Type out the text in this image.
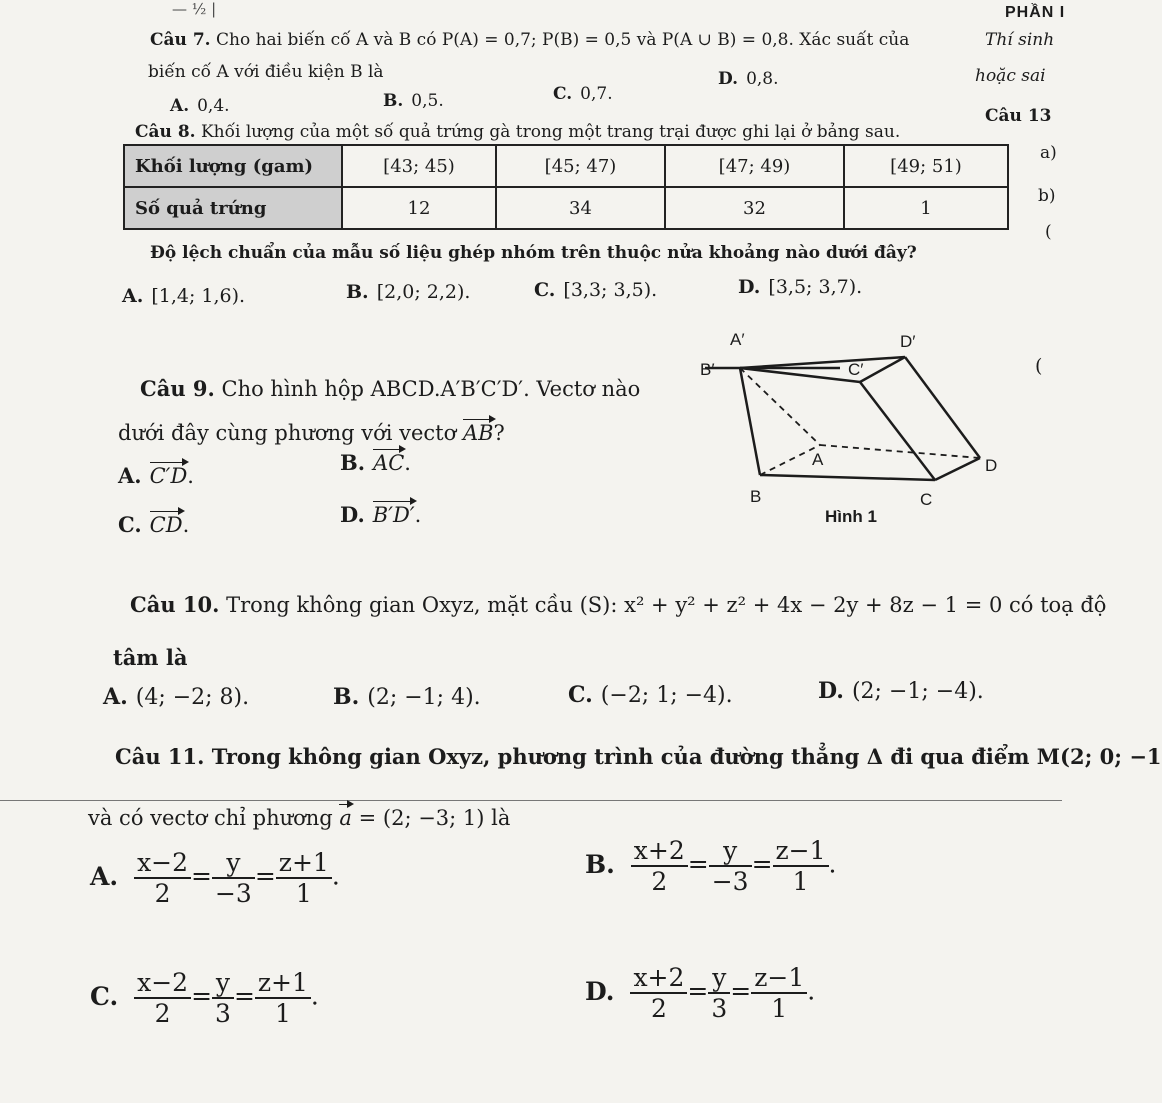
PHẦN I
— ½ |
Thí sinh
hoặc sai
Câu 13
a)
b)
(
(
Câu 7. Cho hai biến cố A và B có P(A) = 0,7; P(B) = 0,5 và P(A ∪ B) = 0,8. Xác suất của
biến cố A với điều kiện B là
A. 0,4.	B. 0,5.	C. 0,7.
D. 0,8.
Câu 8. Khối lượng của một số quả trứng gà trong một trang trại được ghi lại ở bảng sau.
Khối lượng (gam)	[43; 45)	[45; 47)	[47; 49)	[49; 51)
Số quả trứng	12	34	32	1
Độ lệch chuẩn của mẫu số liệu ghép nhóm trên thuộc nửa khoảng nào dưới đây?
A. [1,4; 1,6).	B. [2,0; 2,2).	C. [3,3; 3,5).	D. [3,5; 3,7).
Câu 9. Cho hình hộp ABCD.A′B′C′D′. Vectơ nào
dưới đây cùng phương với vectơ AB?
A. C′D.
B. AC.
C. CD.	D. B′D′.
A′	D′
B′	C′
A	D
B	C
Hình 1
Câu 10. Trong không gian Oxyz, mặt cầu (S): x² + y² + z² + 4x − 2y + 8z − 1 = 0 có toạ độ
tâm là
A. (4; −2; 8).	B. (2; −1; 4).	C. (−2; 1; −4).	D. (2; −1; −4).
Câu 11. Trong không gian Oxyz, phương trình của đường thẳng Δ đi qua điểm M(2; 0; −1
và có vectơ chỉ phương a = (2; −3; 1) là
A. $\frac{x-2}{2} = \frac{y}{-3} = \frac{z+1}{1}$ .	B. $\frac{x+2}{2} = \frac{y}{-3} = \frac{z-1}{1}$ .
C. $\frac{x-2}{2} = \frac{y}{3} = \frac{z+1}{1}$ .	D. $\frac{x+2}{2} = \frac{y}{3} = \frac{z-1}{1}$ .
